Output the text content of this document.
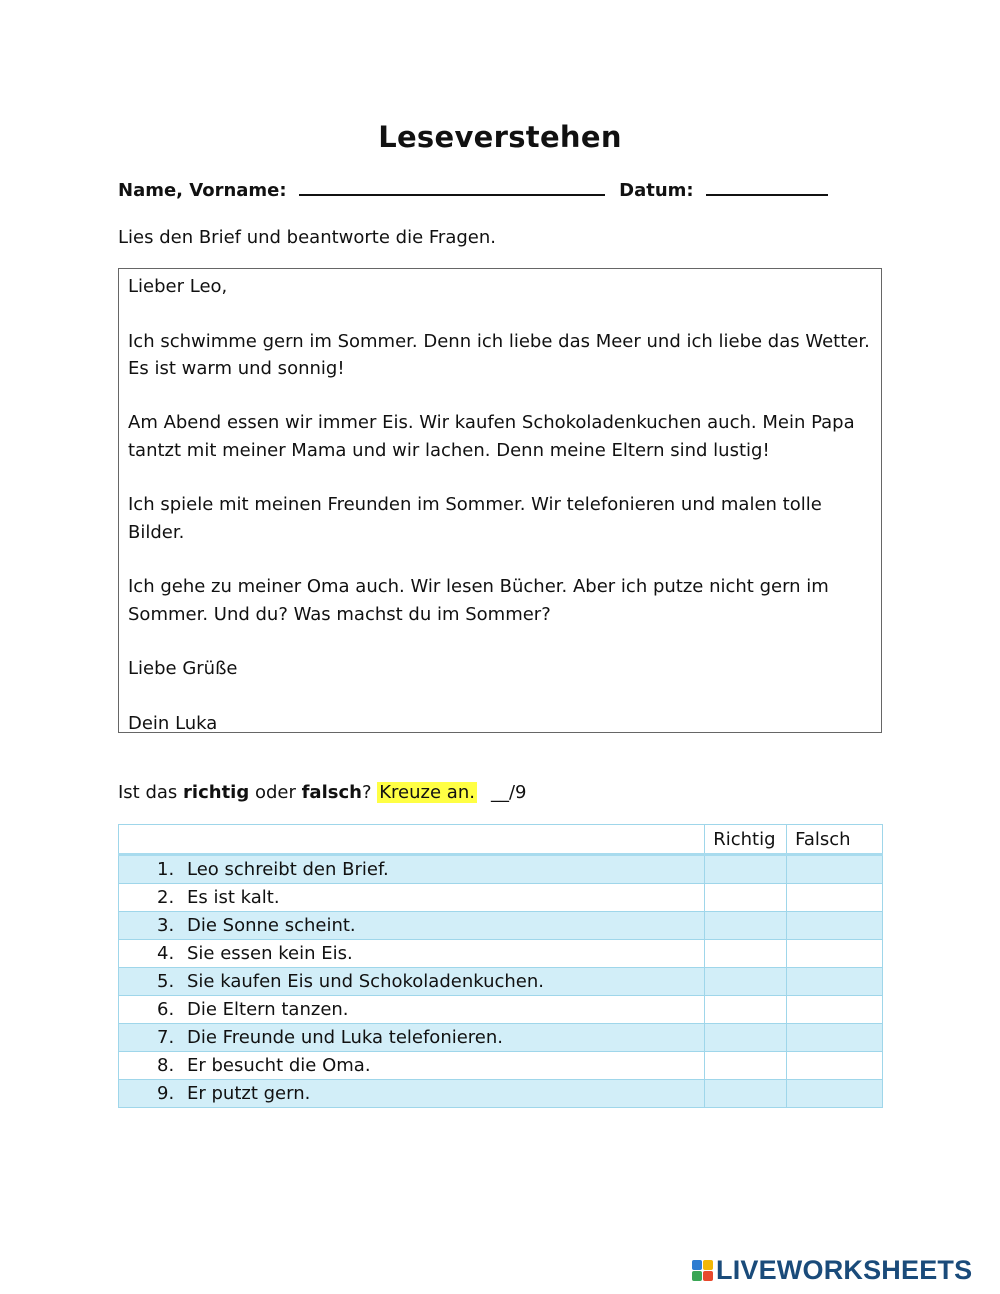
Leseverstehen
Name, Vorname:	Datum:
Lies den Brief und beantworte die Fragen.

Lieber Leo,

Ich schwimme gern im Sommer. Denn ich liebe das Meer und ich liebe das Wetter. Es ist warm und sonnig!

Am Abend essen wir immer Eis. Wir kaufen Schokoladenkuchen auch. Mein Papa tantzt mit meiner Mama und wir lachen. Denn meine Eltern sind lustig!

Ich spiele mit meinen Freunden im Sommer. Wir telefonieren und malen tolle Bilder.

Ich gehe zu meiner Oma auch. Wir lesen Bücher. Aber ich putze nicht gern im Sommer. Und du? Was machst du im Sommer?

Liebe Grüße

Dein Luka

Ist das richtig oder falsch? Kreuze an. __/9
	Richtig	Falsch
1. Leo schreibt den Brief.		
2. Es ist kalt.		
3. Die Sonne scheint.		
4. Sie essen kein Eis.		
5. Sie kaufen Eis und Schokoladenkuchen.		
6. Die Eltern tanzen.		
7. Die Freunde und Luka telefonieren.		
8. Er besucht die Oma.		
9. Er putzt gern.		
LIVEWORKSHEETS
